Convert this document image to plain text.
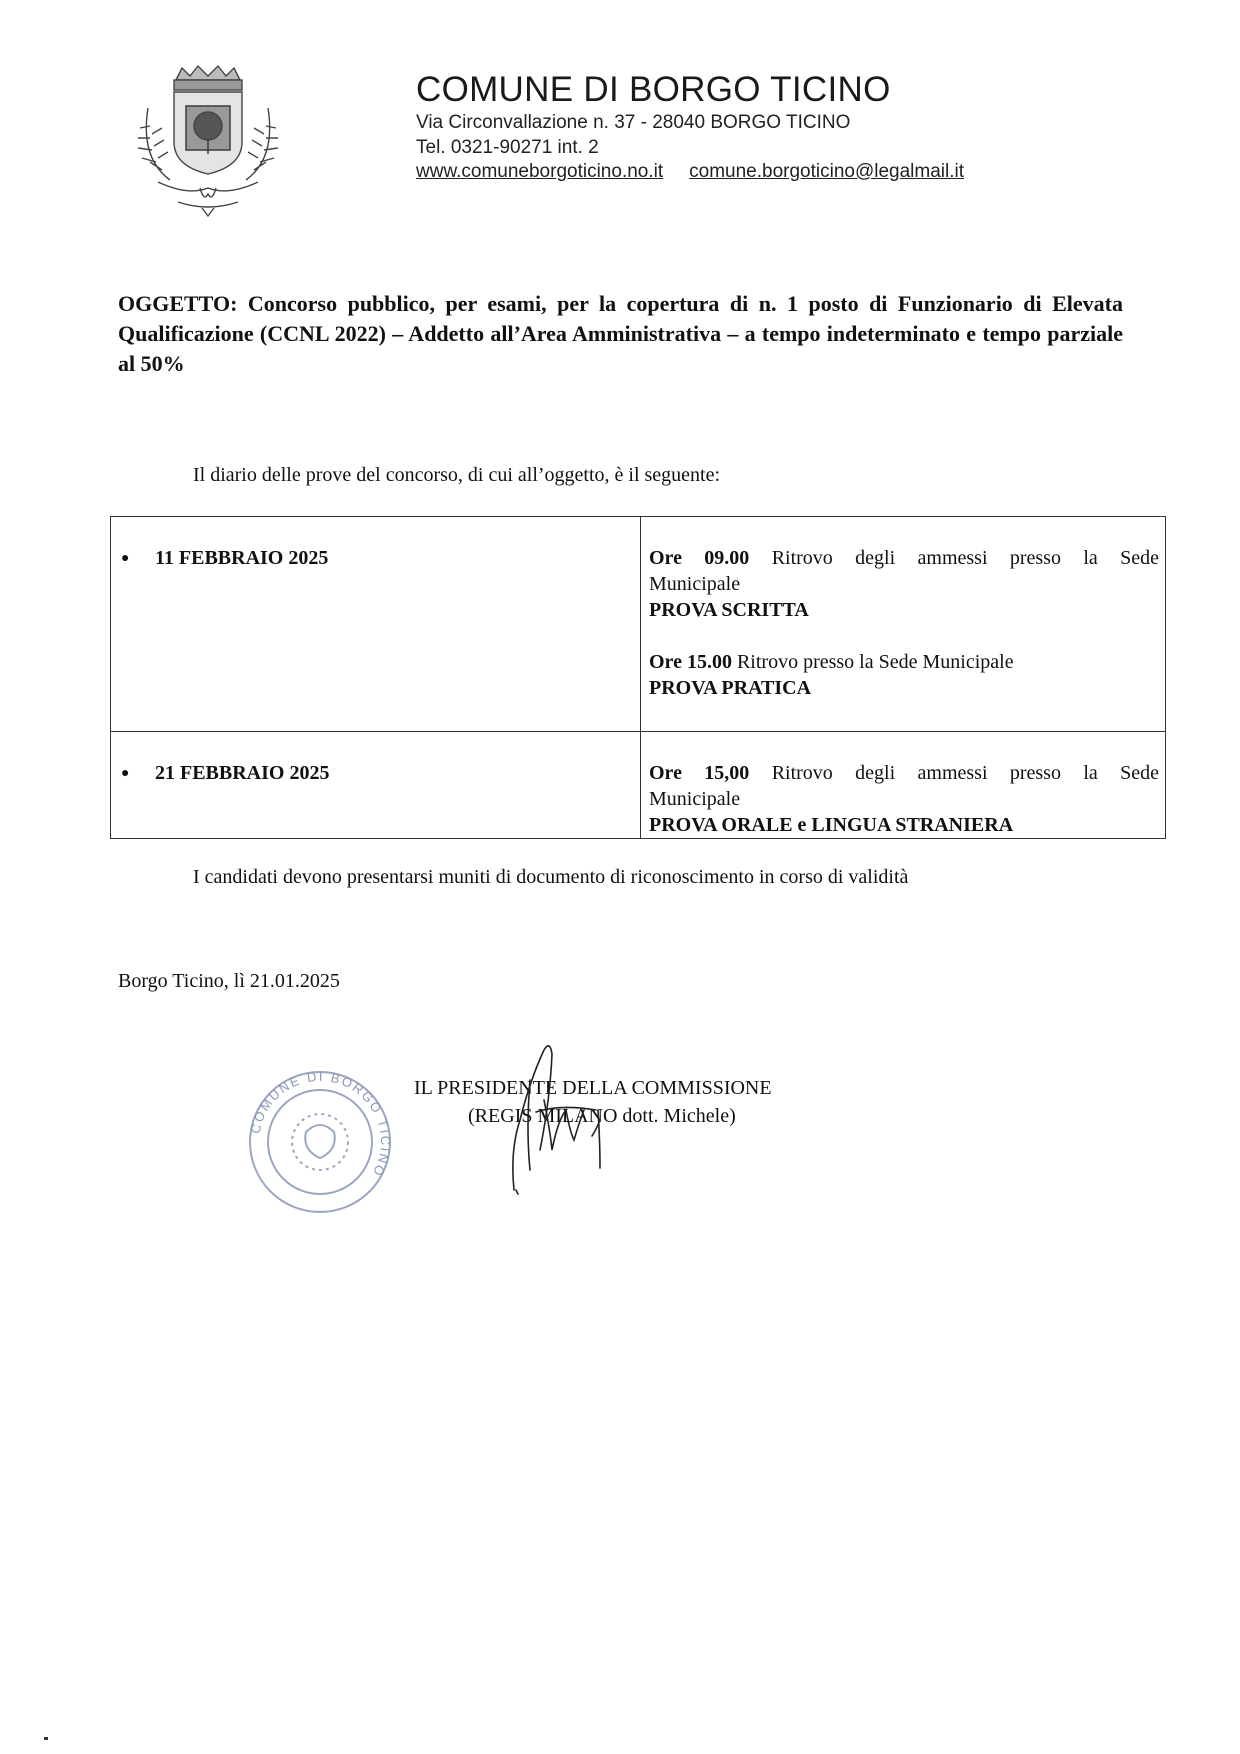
COMUNE DI BORGO TICINO
Via Circonvallazione n. 37 - 28040 BORGO TICINO
Tel. 0321-90271 int. 2
www.comuneborgoticino.no.it comune.borgoticino@legalmail.it
OGGETTO: Concorso pubblico, per esami, per la copertura di n. 1 posto di Funzionario di Elevata Qualificazione (CCNL 2022) – Addetto all’Area Amministrativa – a tempo indeterminato e tempo parziale al 50%
Il diario delle prove del concorso, di cui all’oggetto, è il seguente:
● 11 FEBBRAIO 2025	Ore 09.00 Ritrovo degli ammessi presso la Sede
Municipale
PROVA SCRITTA
Ore 15.00 Ritrovo presso la Sede Municipale
PROVA PRATICA

● 21 FEBBRAIO 2025	Ore 15,00 Ritrovo degli ammessi presso la Sede
Municipale
PROVA ORALE e LINGUA STRANIERA
I candidati devono presentarsi muniti di documento di riconoscimento in corso di validità
Borgo Ticino, lì 21.01.2025
COMUNE DI BORGO TICINO
IL PRESIDENTE DELLA COMMISSIONE
(REGIS MILANO dott. Michele)
